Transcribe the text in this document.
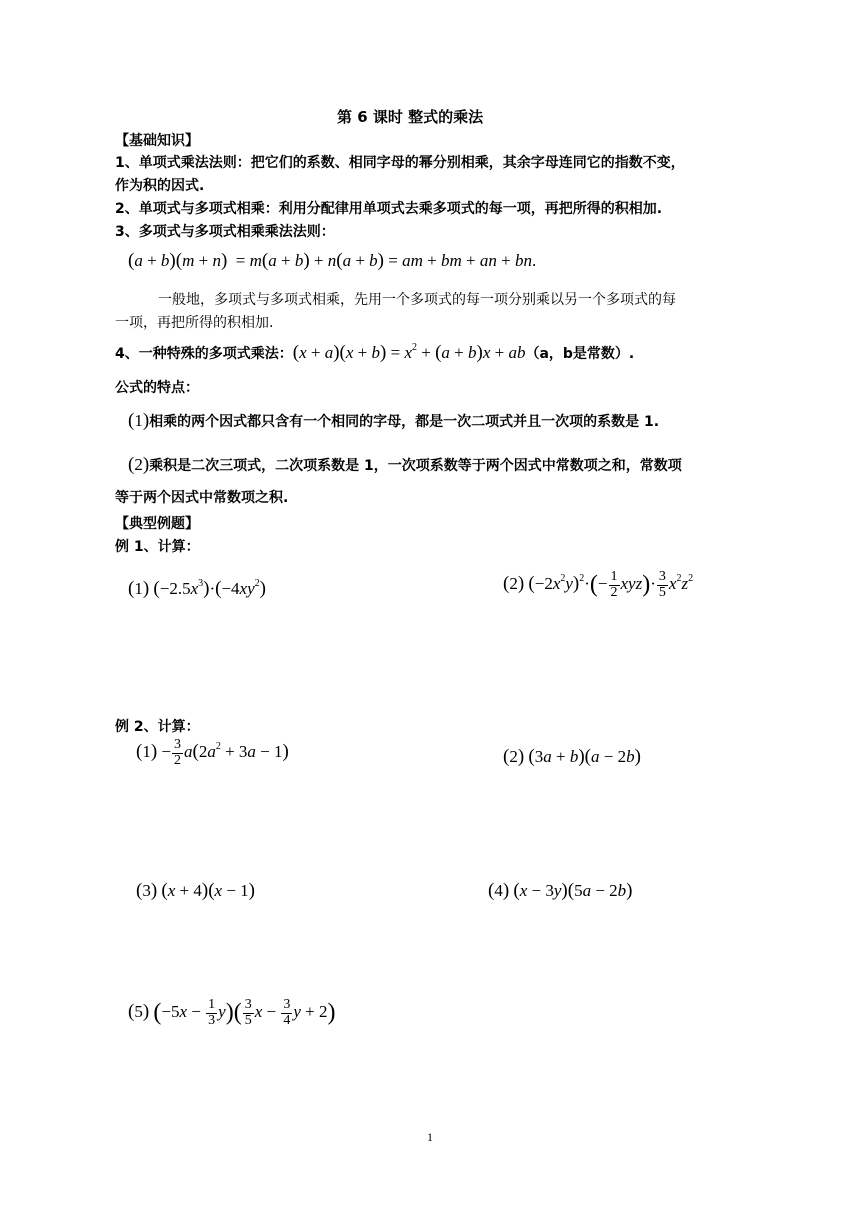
第 6 课时 整式的乘法
【基础知识】
1、单项式乘法法则：把它们的系数、相同字母的幂分别相乘，其余字母连同它的指数不变，
作为积的因式.
2、单项式与多项式相乘：利用分配律用单项式去乘多项式的每一项，再把所得的积相加.
3、多项式与多项式相乘乘法法则：
(a + b)(m + n)  = m(a + b) + n(a + b) = am + bm + an + bn.
一般地，多项式与多项式相乘，先用一个多项式的每一项分别乘以另一个多项式的每
一项，再把所得的积相加.
4、一种特殊的多项式乘法：$(x + a)(x + b) = x^2 + (a + b)x + ab(a$，b是常数）.
公式的特点：
(1)相乘的两个因式都只含有一个相同的字母，都是一次二项式并且一次项的系数是 1.
(2)乘积是二次三项式，二次项系数是 1，一次项系数等于两个因式中常数项之和，常数项
等于两个因式中常数项之积.
【典型例题】
例 1、计算：
(1) $(-2.5x^3)\cdot(-4xy^2)$	(2) $(-2x^2y)^2\cdot(- \frac{1}{2} xyz)\cdot \frac{3}{5} x^2z^2$
例 2、计算：
$(1) - \frac{3}{2} a(2a^2 + 3a - 1)$	(2) (3a + b)(a − 2b)
(3) (x + 4)(x − 1)	(4) (x − 3y)(5a − 2b)
(5) $(-5x - \frac{1}{3} y)( \frac{3}{5}$ $x - \frac{3}{4}$ y + 2)
1
